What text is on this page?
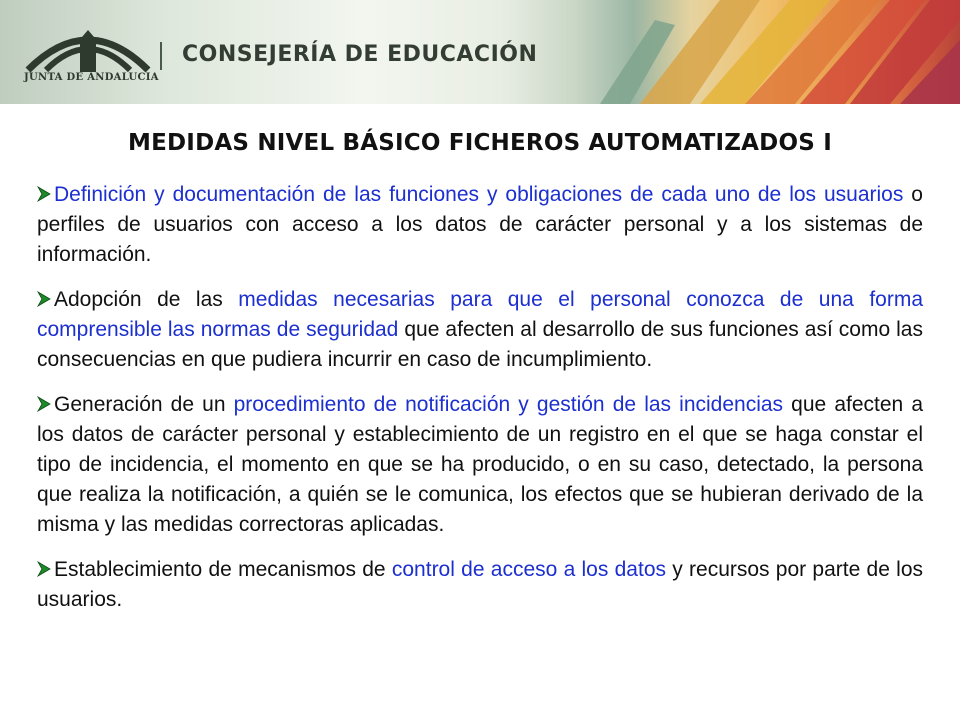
JUNTA DE ANDALUCIA
CONSEJERÍA DE EDUCACIÓN
MEDIDAS NIVEL BÁSICO FICHEROS AUTOMATIZADOS I

Definición y documentación de las funciones y obligaciones de cada uno de los usuarios o perfiles de usuarios con acceso a los datos de carácter personal y a los sistemas de información.

Adopción de las medidas necesarias para que el personal conozca de una forma comprensible las normas de seguridad que afecten al desarrollo de sus funciones así como las consecuencias en que pudiera incurrir en caso de incumplimiento.

Generación de un procedimiento de notificación y gestión de las incidencias que afecten a los datos de carácter personal y establecimiento de un registro en el que se haga constar el tipo de incidencia, el momento en que se ha producido, o en su caso, detectado, la persona que realiza la notificación, a quién se le comunica, los efectos que se hubieran derivado de la misma y las medidas correctoras aplicadas.

Establecimiento de mecanismos de control de acceso a los datos y recursos por parte de los usuarios.
